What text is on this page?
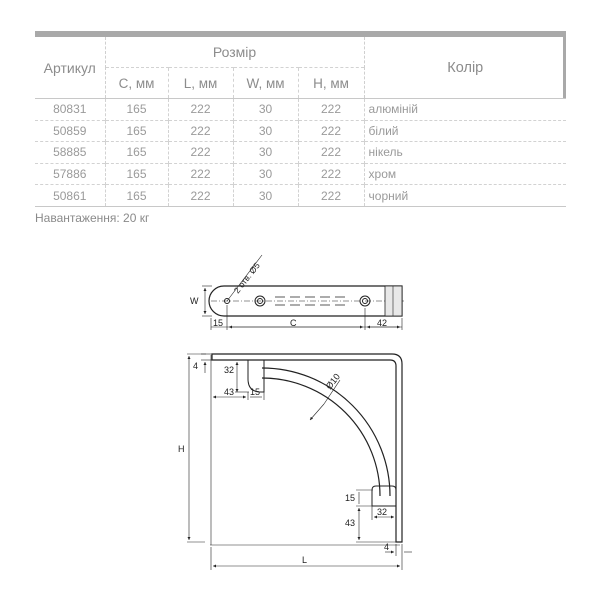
Артикул	Розмір				Колір
	C, мм	L, мм	W, мм	H, мм	
80831	165	222	30	222	алюміній
50859	165	222	30	222	білий
58885	165	222	30	222	нікель
57886	165	222	30	222	хром
50861	165	222	30	222	чорний
Навантаження: 20 кг
W
15	C	42
2 отв. Ø5
4	32
43 15
Ø10
H
15
32
43
4
L
